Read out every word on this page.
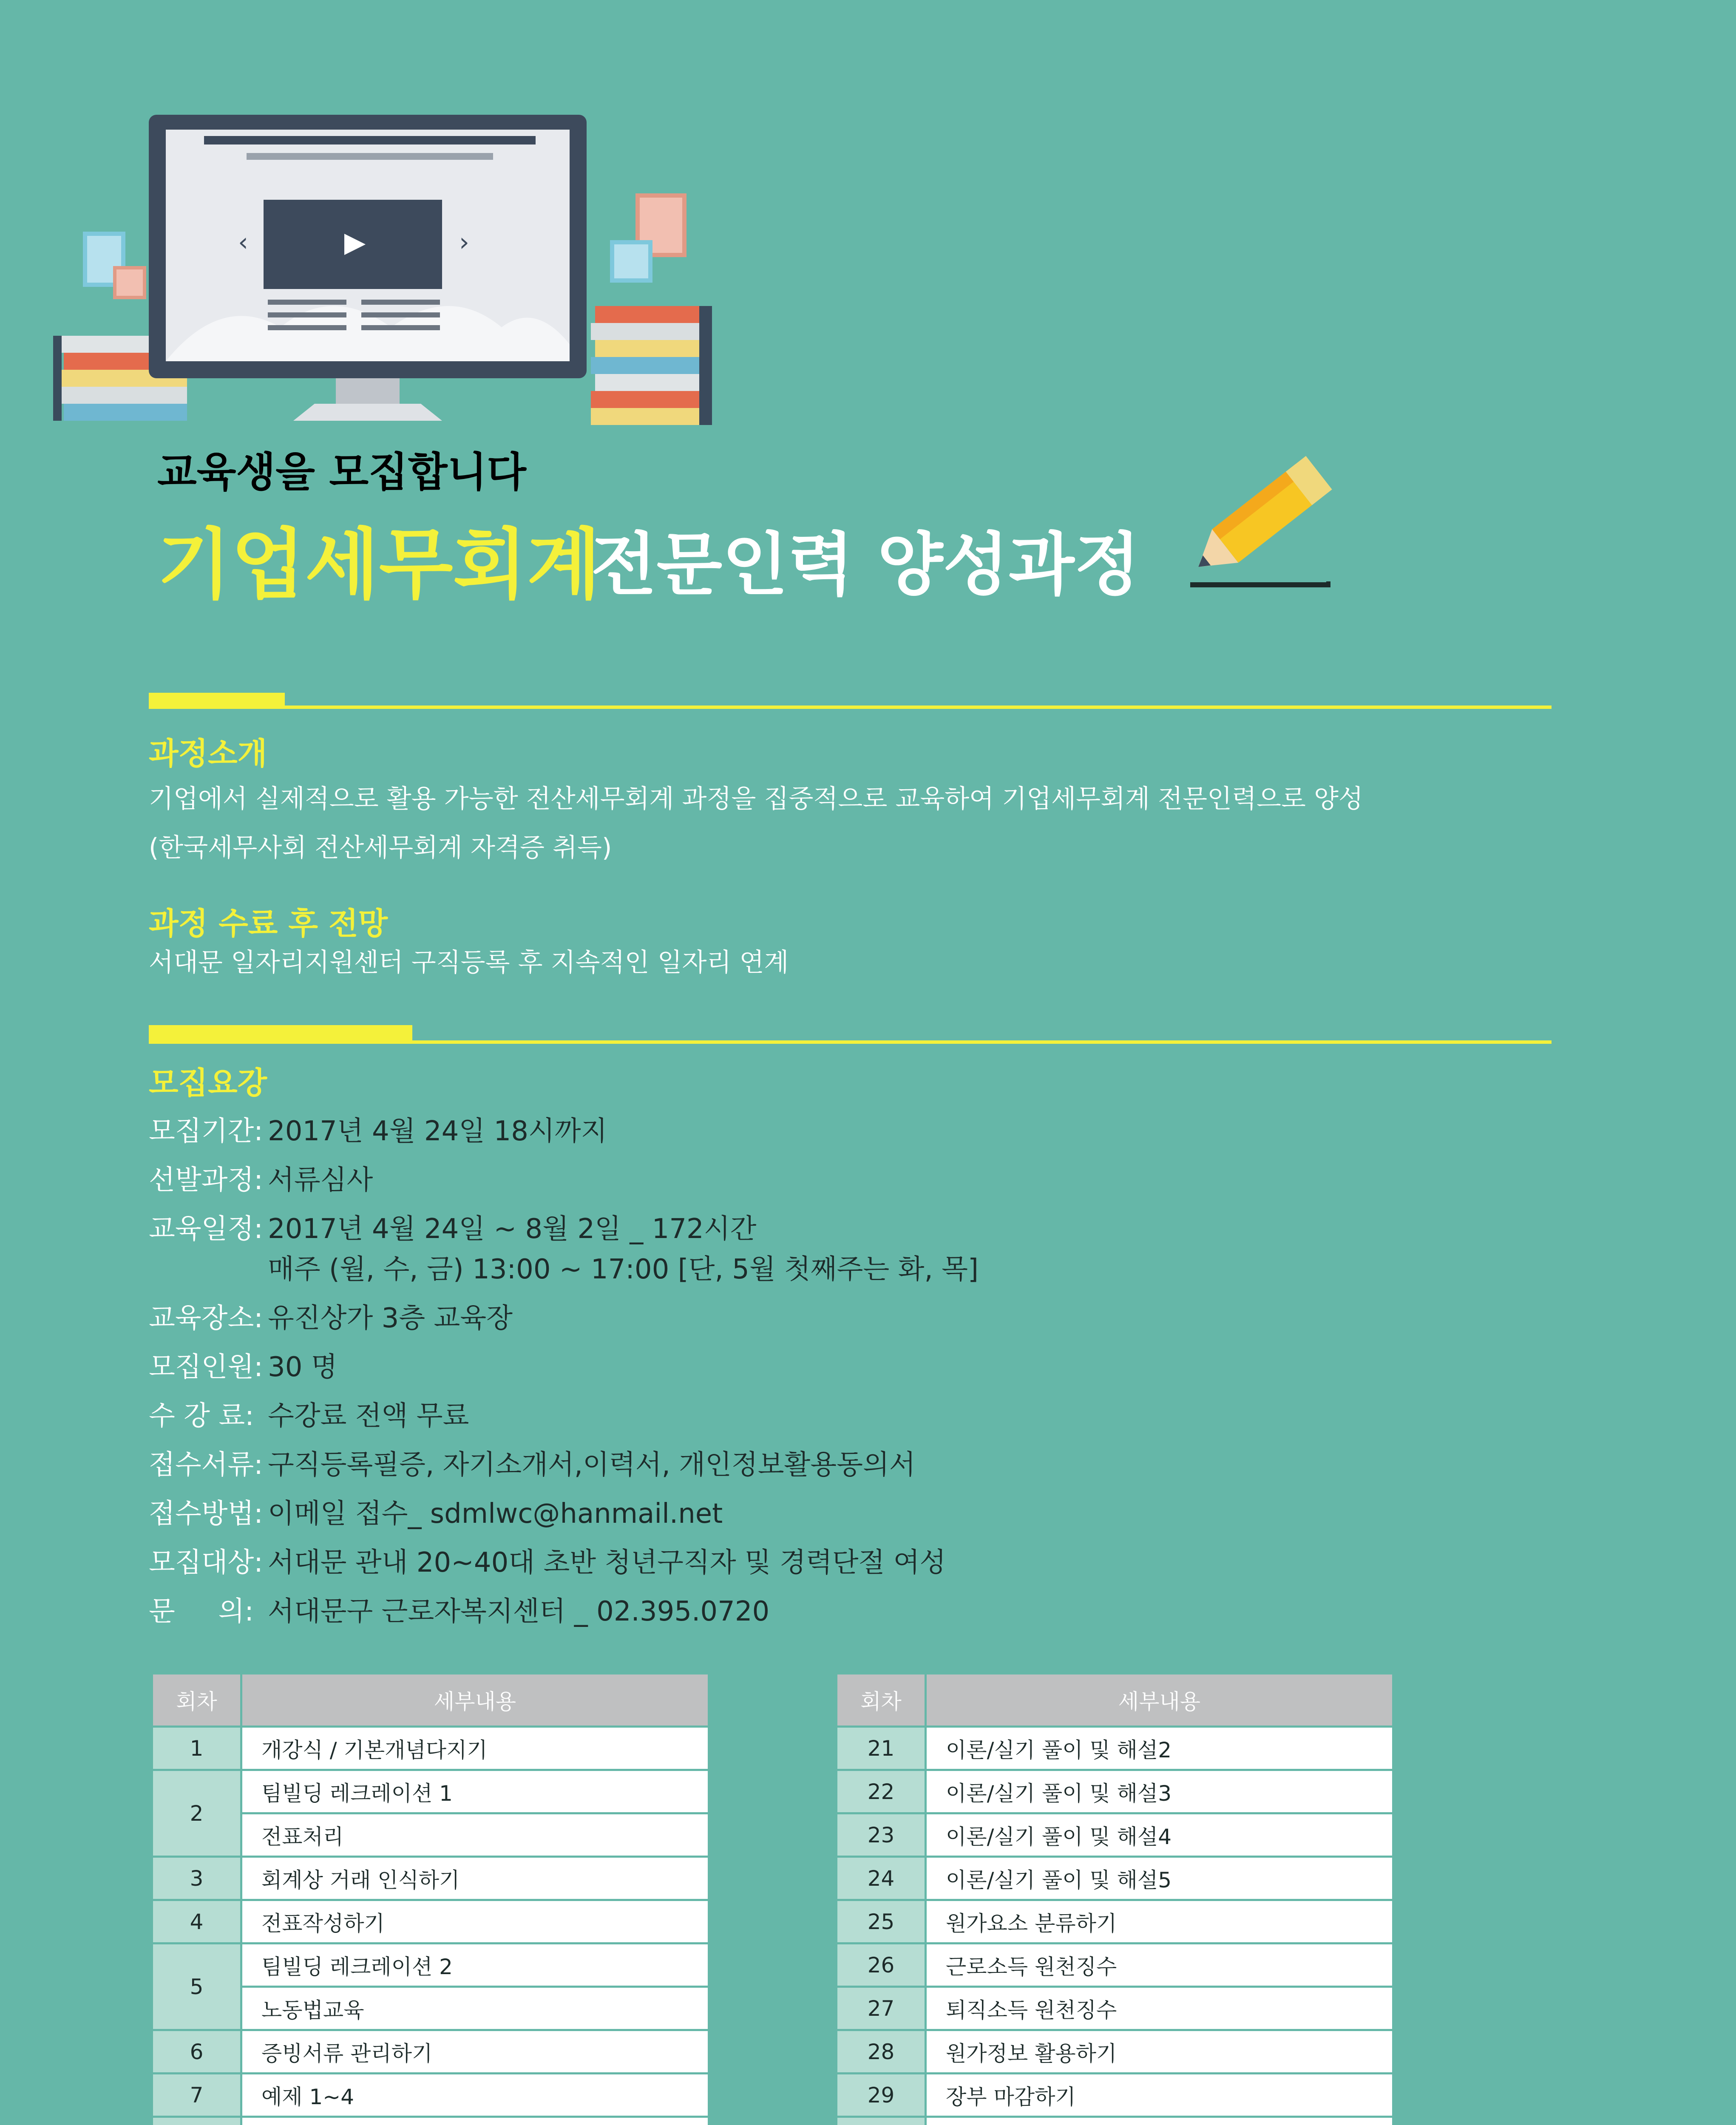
‹	›
교육생을 모집합니다
기업세무회계
전문인력 양성과정
과정소개
기업에서 실제적으로 활용 가능한 전산세무회계 과정을 집중적으로 교육하여 기업세무회계 전문인력으로 양성
(한국세무사회 전산세무회계 자격증 취득)
과정 수료 후 전망
서대문 일자리지원센터 구직등록 후 지속적인 일자리 연계
모집요강
모집기간: 2017년 4월 24일 18시까지
선발과정: 서류심사
교육일정: 2017년 4월 24일 ~ 8월 2일 _ 172시간
매주 (월, 수, 금) 13:00 ~ 17:00 [단, 5월 첫째주는 화, 목]
교육장소: 유진상가 3층 교육장
모집인원: 30 명
수 강 료: 수강료 전액 무료
접수서류: 구직등록필증, 자기소개서,이력서, 개인정보활용동의서
접수방법: 이메일 접수_ sdmlwc@hanmail.net
모집대상: 서대문 관내 20~40대 초반 청년구직자 및 경력단절 여성
문     의: 서대문구 근로자복지센터 _ 02.395.0720
회차	세부내용
1	개강식 / 기본개념다지기
2	팀빌딩 레크레이션 1
	전표처리
3	회계상 거래 인식하기
4	전표작성하기
5	팀빌딩 레크레이션 2
	노동법교육
6	증빙서류 관리하기
7	예제 1~4

회차	세부내용
21	이론/실기 풀이 및 해설2
22	이론/실기 풀이 및 해설3
23	이론/실기 풀이 및 해설4
24	이론/실기 풀이 및 해설5
25	원가요소 분류하기
26	근로소득 원천징수
27	퇴직소득 원천징수
28	원가정보 활용하기
29	장부 마감하기
